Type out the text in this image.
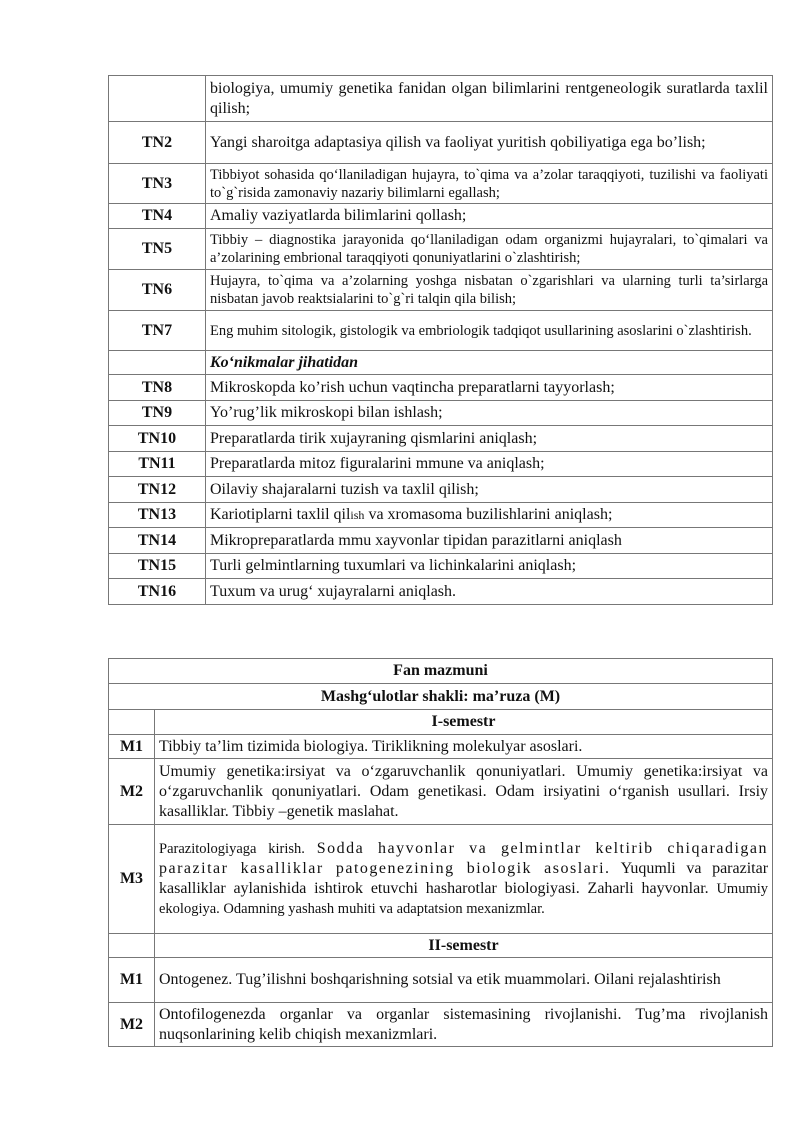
	biologiya, umumiy genetika fanidan olgan bilimlarini rentgeneologik suratlarda taxlil qilish;
TN2	Yangi sharoitga adaptasiya qilish va faoliyat yuritish qobiliyatiga ega bo’lish;
TN3	Tibbiyot sohasida qo‘llaniladigan hujayra, to`qima va a’zolar taraqqiyoti, tuzilishi va faoliyati to`g`risida zamonaviy nazariy bilimlarni egallash;
TN4	Amaliy vaziyatlarda bilimlarini qollash;
TN5	Tibbiy – diagnostika jarayonida qo‘llaniladigan odam organizmi hujayralari, to`qimalari va a’zolarining embrional taraqqiyoti qonuniyatlarini o`zlashtirish;
TN6	Hujayra, to`qima va a’zolarning yoshga nisbatan o`zgarishlari va ularning turli ta’sirlarga nisbatan javob reaktsialarini to`g`ri talqin qila bilish;
TN7	Eng muhim sitologik, gistologik va embriologik tadqiqot usullarining asoslarini o`zlashtirish.
	Ko‘nikmalar jihatidan
TN8	Mikroskopda ko’rish uchun vaqtincha preparatlarni tayyorlash;
TN9	Yo’rug’lik mikroskopi bilan ishlash;
TN10	Preparatlarda tirik xujayraning qismlarini aniqlash;
TN11	Preparatlarda mitoz figuralarini mmune va aniqlash;
TN12	Oilaviy shajaralarni tuzish va taxlil qilish;
TN13	Kariotiplarni taxlil qilish va xromasoma buzilishlarini aniqlash;
TN14	Mikropreparatlarda mmu xayvonlar tipidan parazitlarni aniqlash
TN15	Turli gelmintlarning tuxumlari va lichinkalarini aniqlash;
TN16	Tuxum va urug‘ xujayralarni aniqlash.
Fan mazmuni	
Mashg‘ulotlar shakli: ma’ruza (M)	
	I-semestr
M1	Tibbiy ta’lim tizimida biologiya. Tiriklikning molekulyar asoslari.
M2	Umumiy genetika:irsiyat va o‘zgaruvchanlik qonuniyatlari. Umumiy genetika:irsiyat va o‘zgaruvchanlik qonuniyatlari. Odam genetikasi. Odam irsiyatini o‘rganish usullari. Irsiy kasalliklar. Tibbiy –genetik maslahat.
M3	Parazitologiyaga kirish. Sodda hayvonlar va gelmintlar keltirib chiqaradigan parazitar kasalliklar patogenezining biologik asoslari. Yuqumli va parazitar kasalliklar aylanishida ishtirok etuvchi hasharotlar biologiyasi. Zaharli hayvonlar. Umumiy ekologiya. Odamning yashash muhiti va adaptatsion mexanizmlar.
	II-semestr
M1	Ontogenez. Tug’ilishni boshqarishning sotsial va etik muammolari. Oilani rejalashtirish
M2	Ontofilogenezda organlar va organlar sistemasining rivojlanishi. Tug’ma rivojlanish nuqsonlarining kelib chiqish mexanizmlari.
